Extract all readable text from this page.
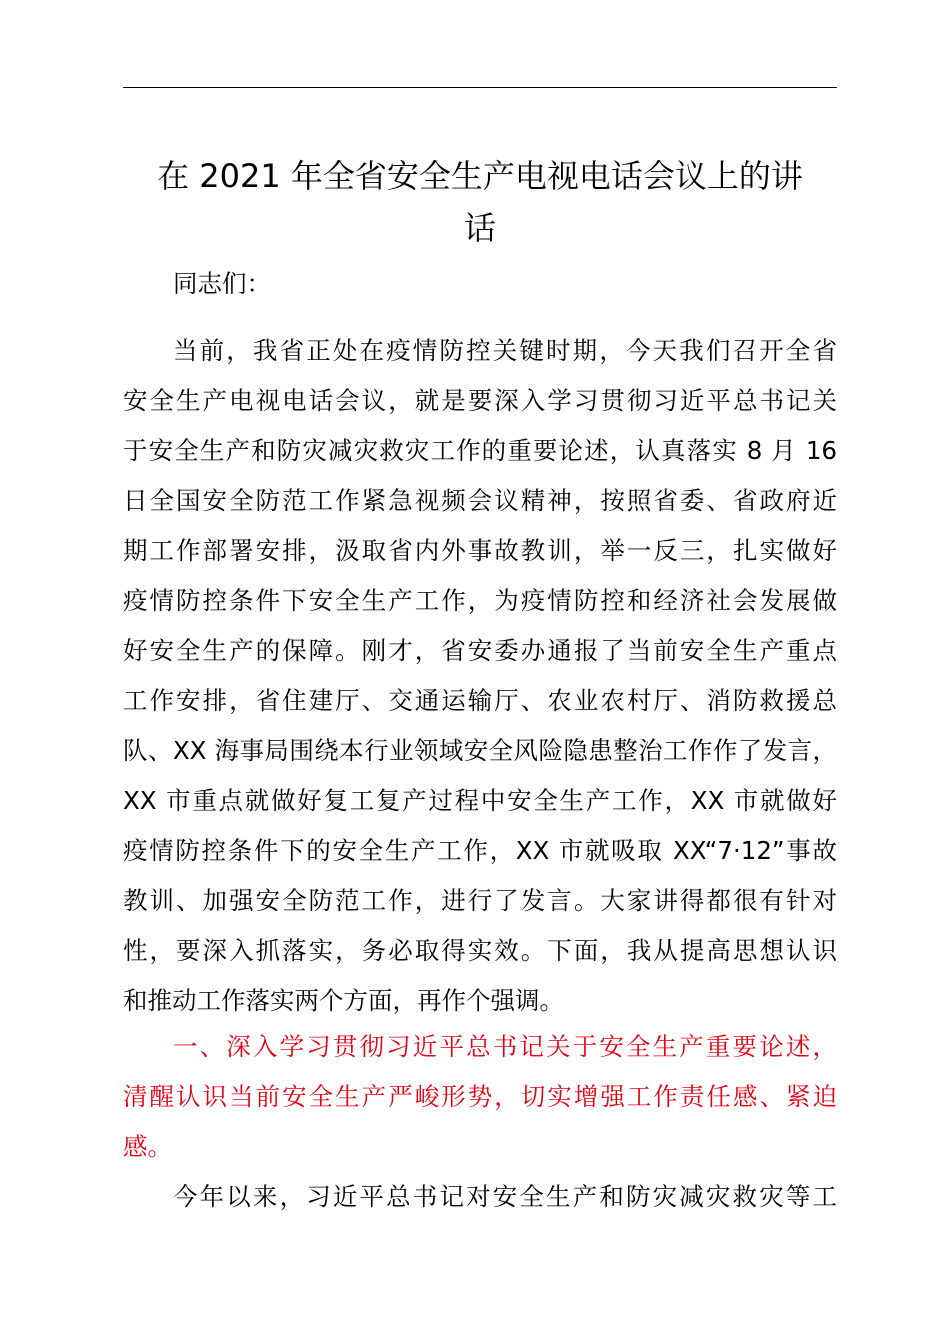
在 2021 年全省安全生产电视电话会议上的讲
话
同志们：
当前，我省正处在疫情防控关键时期，今天我们召开全省
安全生产电视电话会议，就是要深入学习贯彻习近平总书记关
于安全生产和防灾减灾救灾工作的重要论述，认真落实 8 月 16
日全国安全防范工作紧急视频会议精神，按照省委、省政府近
期工作部署安排，汲取省内外事故教训，举一反三，扎实做好
疫情防控条件下安全生产工作，为疫情防控和经济社会发展做
好安全生产的保障。刚才，省安委办通报了当前安全生产重点
工作安排，省住建厅、交通运输厅、农业农村厅、消防救援总
队、XX 海事局围绕本行业领域安全风险隐患整治工作作了发言，
XX 市重点就做好复工复产过程中安全生产工作，XX 市就做好
疫情防控条件下的安全生产工作，XX 市就吸取 XX“7·12”事故
教训、加强安全防范工作，进行了发言。大家讲得都很有针对
性，要深入抓落实，务必取得实效。下面，我从提高思想认识
和推动工作落实两个方面，再作个强调。
一、深入学习贯彻习近平总书记关于安全生产重要论述，
清醒认识当前安全生产严峻形势，切实增强工作责任感、紧迫
感。
今年以来，习近平总书记对安全生产和防灾减灾救灾等工
